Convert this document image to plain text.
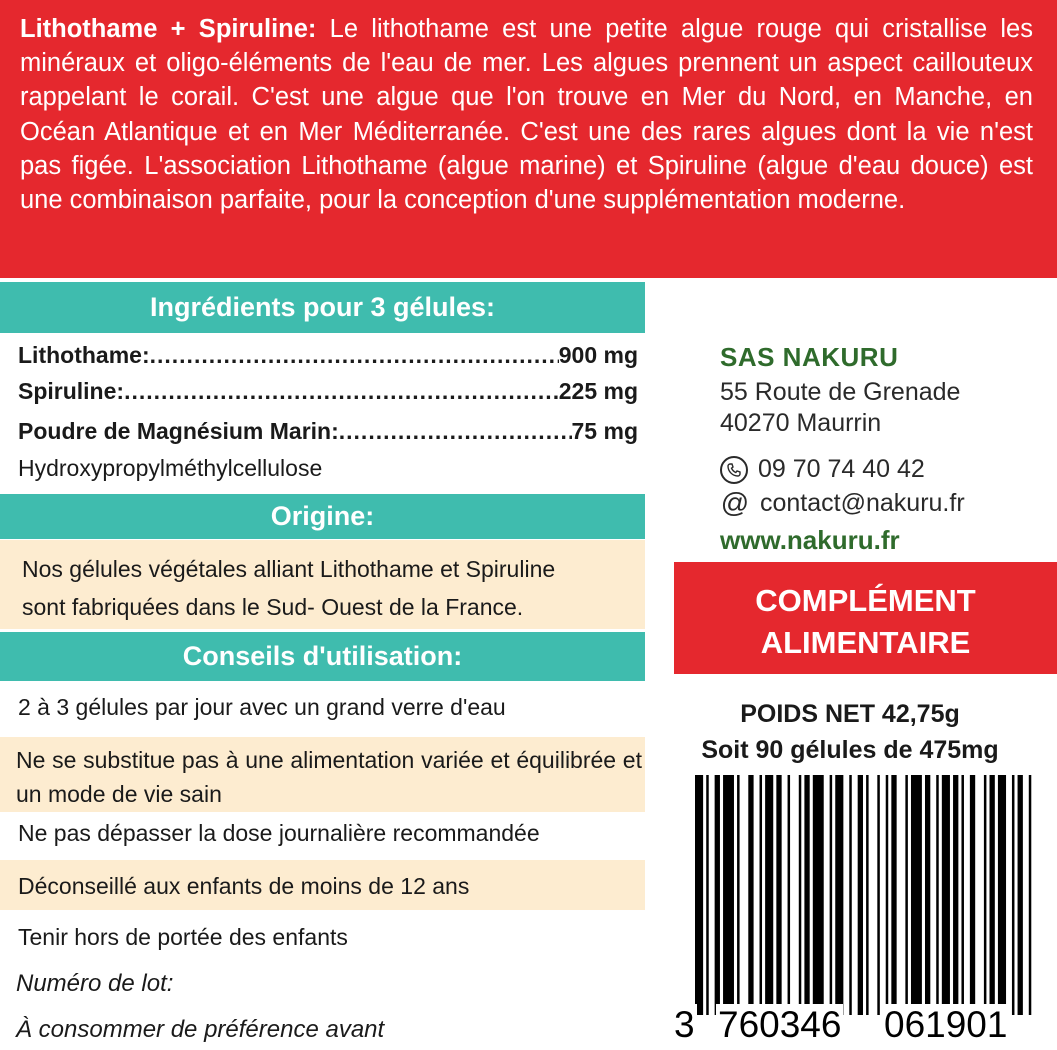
Lithothame + Spiruline: Le lithothame est une petite algue rouge qui cristallise les minéraux et oligo-éléments de l'eau de mer. Les algues prennent un aspect caillouteux rappelant le corail. C'est une algue que l'on trouve en Mer du Nord, en Manche, en Océan Atlantique et en Mer Méditerranée. C'est une des rares algues dont la vie n'est pas figée. L'association Lithothame (algue marine) et Spiruline (algue d'eau douce) est une combinaison parfaite, pour la conception d'une supplémentation moderne.
Ingrédients pour 3 gélules:
Lithothame: .....	900 mg
Spiruline: .....	225 mg
Poudre de Magnésium Marin: .....	75 mg
Hydroxypropylméthylcellulose
Origine:
Nos gélules végétales alliant Lithothame et Spiruline
sont fabriquées dans le Sud- Ouest de la France.
Conseils d'utilisation:
2 à 3 gélules par jour avec un grand verre d'eau
Ne se substitue pas à une alimentation variée et équilibrée et un mode de vie sain
Ne pas dépasser la dose journalière recommandée
Déconseillé aux enfants de moins de 12 ans
Tenir hors de portée des enfants
Numéro de lot:
À consommer de préférence avant
SAS NAKURU
55 Route de Grenade
40270 Maurrin
09 70 74 40 42
@ contact@nakuru.fr
www.nakuru.fr
COMPLÉMENT
ALIMENTAIRE
POIDS NET 42,75g
Soit 90 gélules de 475mg
3 760346 061901
